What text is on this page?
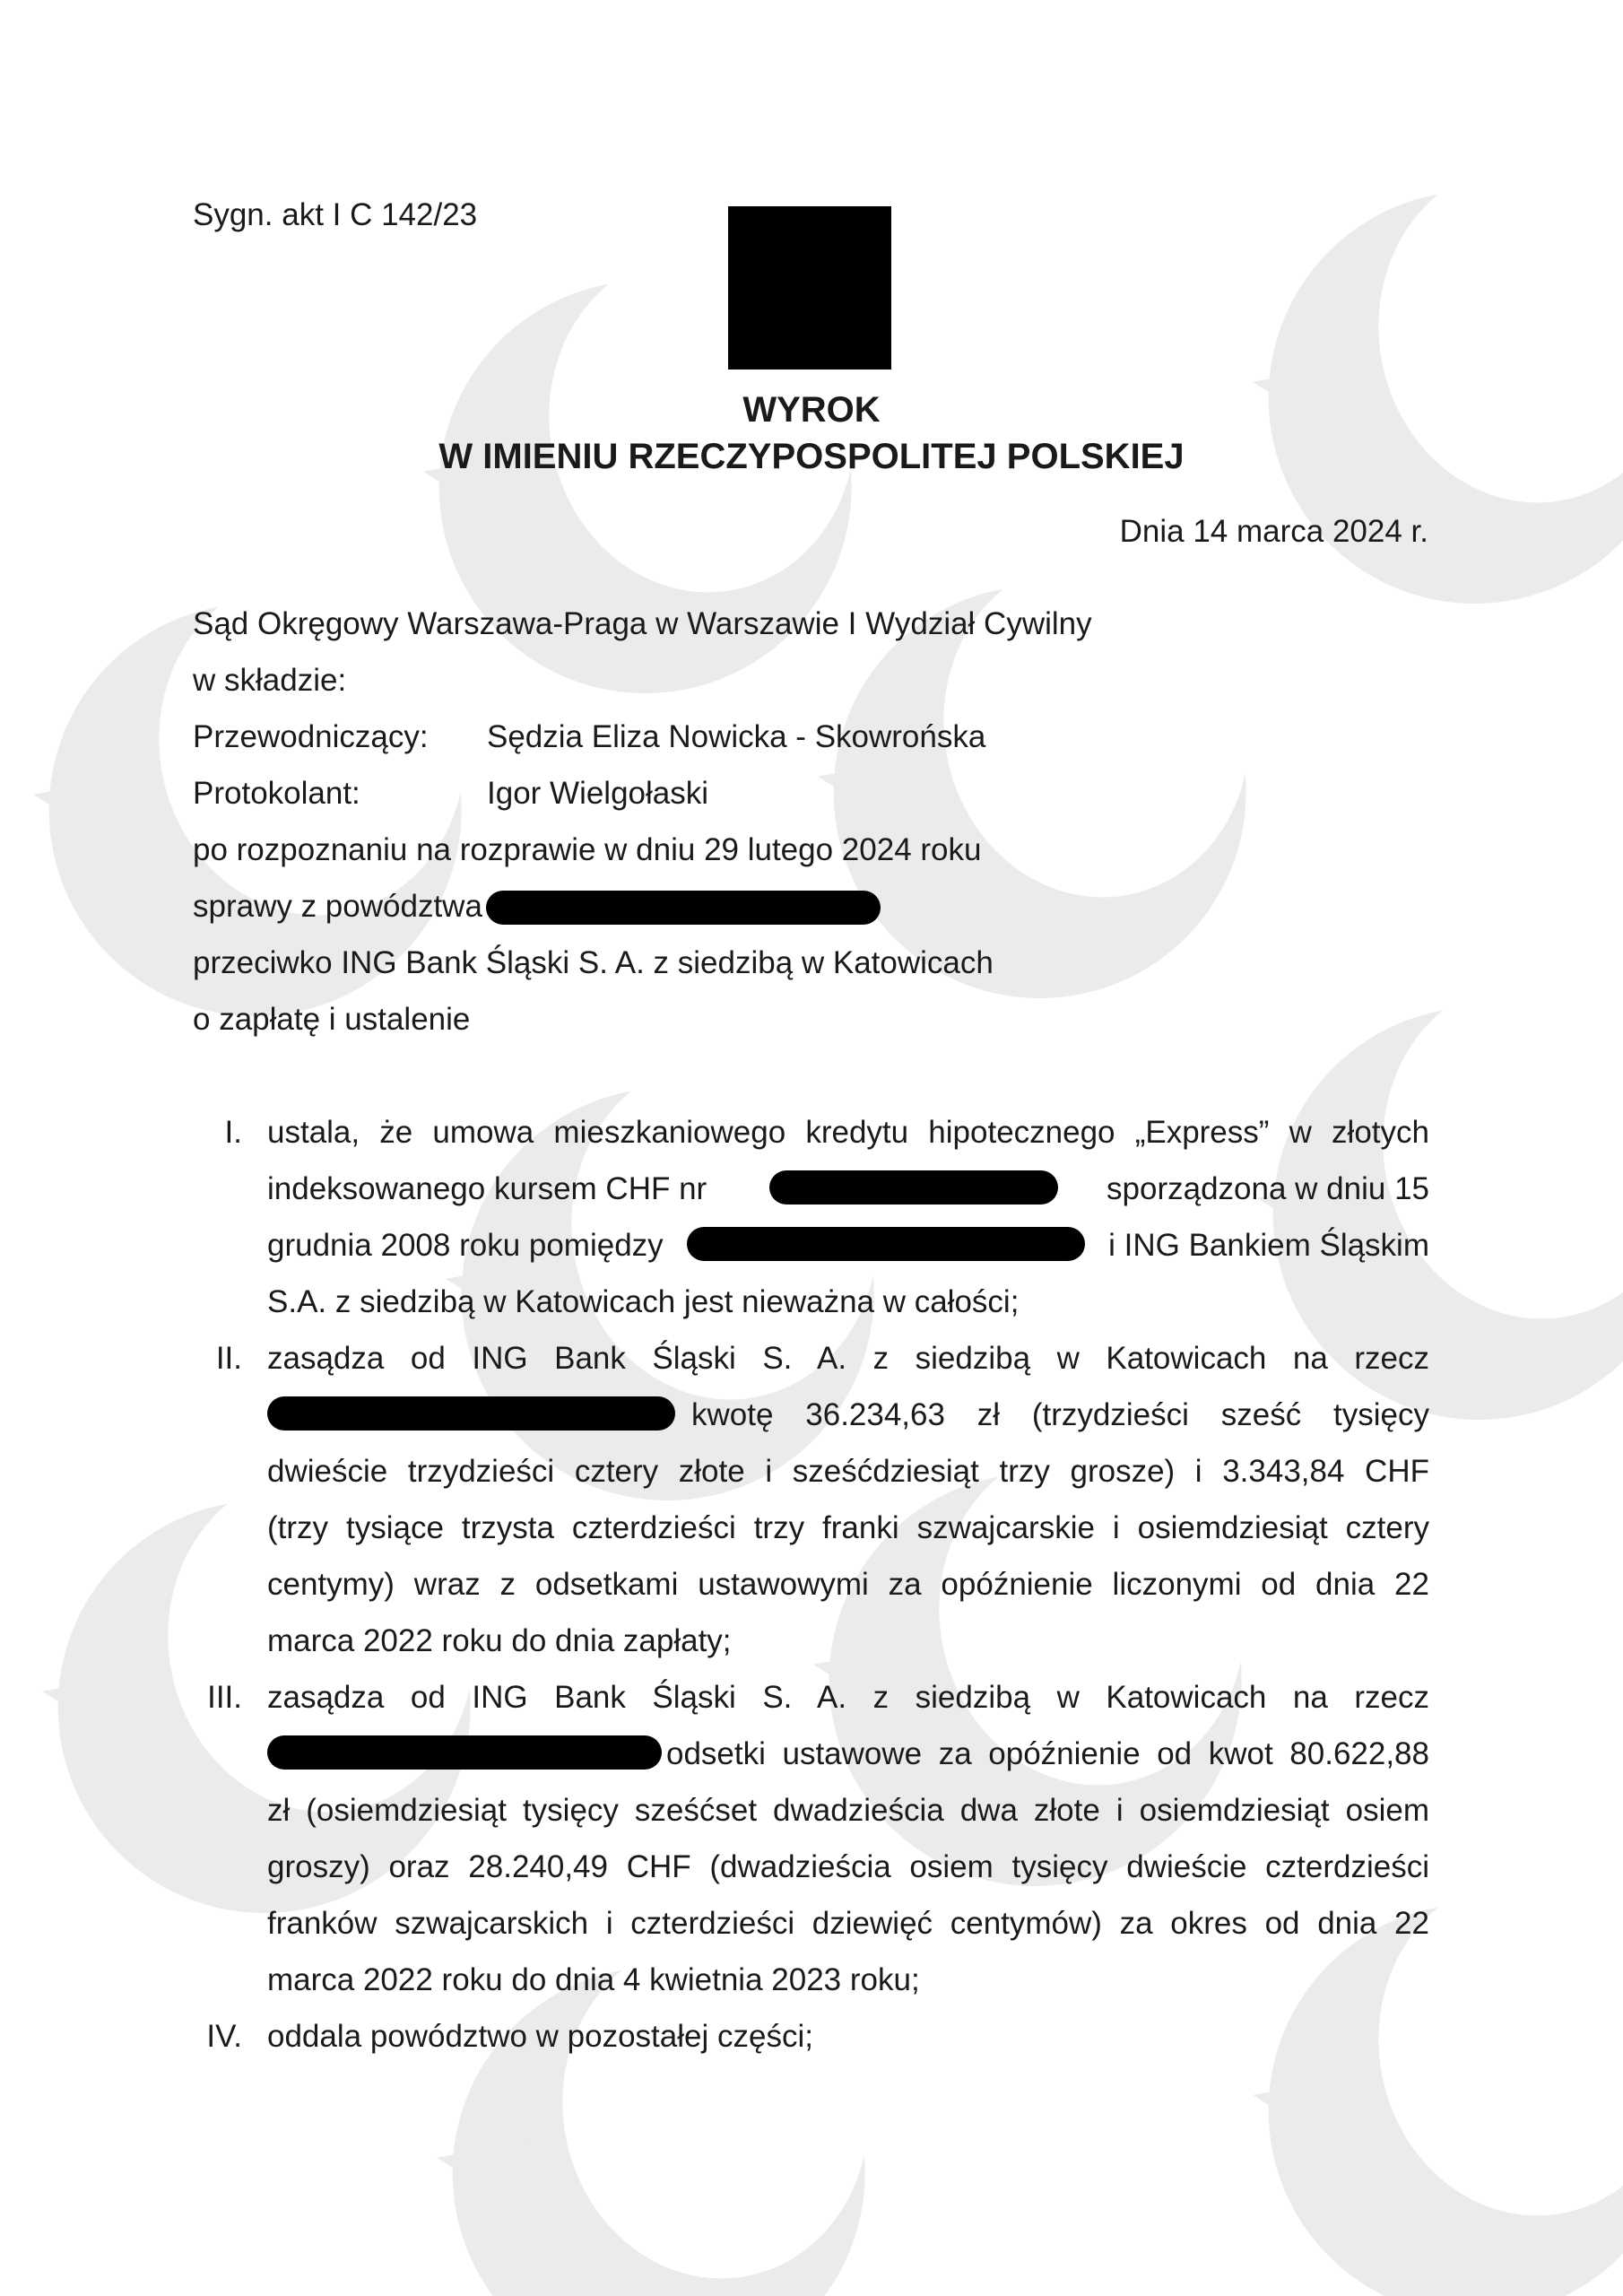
Sygn. akt I C 142/23
WYROK
W IMIENIU RZECZYPOSPOLITEJ POLSKIEJ
Dnia 14 marca 2024 r.
Sąd Okręgowy Warszawa-Praga w Warszawie I Wydział Cywilny
w składzie:
Przewodniczący: Sędzia Eliza Nowicka - Skowrońska
Protokolant:	Igor Wielgołaski
po rozpoznaniu na rozprawie w dniu 29 lutego 2024 roku
sprawy z powództwa
przeciwko ING Bank Śląski S. A. z siedzibą w Katowicach
o zapłatę i ustalenie
I. ustala, że umowa mieszkaniowego kredytu hipotecznego „Express” w złotych
indeksowanego kursem CHF nr	sporządzona w dniu 15
grudnia 2008 roku pomiędzy	i ING Bankiem Śląskim
S.A. z siedzibą w Katowicach jest nieważna w całości;
II. zasądza od ING Bank Śląski S. A. z siedzibą w Katowicach na rzecz
kwotę 36.234,63 zł (trzydzieści sześć tysięcy
dwieście trzydzieści cztery złote i sześćdziesiąt trzy grosze) i 3.343,84 CHF
(trzy tysiące trzysta czterdzieści trzy franki szwajcarskie i osiemdziesiąt cztery
centymy) wraz z odsetkami ustawowymi za opóźnienie liczonymi od dnia 22
marca 2022 roku do dnia zapłaty;
III. zasądza od ING Bank Śląski S. A. z siedzibą w Katowicach na rzecz
odsetki ustawowe za opóźnienie od kwot 80.622,88
zł (osiemdziesiąt tysięcy sześćset dwadzieścia dwa złote i osiemdziesiąt osiem
groszy) oraz 28.240,49 CHF (dwadzieścia osiem tysięcy dwieście czterdzieści
franków szwajcarskich i czterdzieści dziewięć centymów) za okres od dnia 22
marca 2022 roku do dnia 4 kwietnia 2023 roku;
IV. oddala powództwo w pozostałej części;
